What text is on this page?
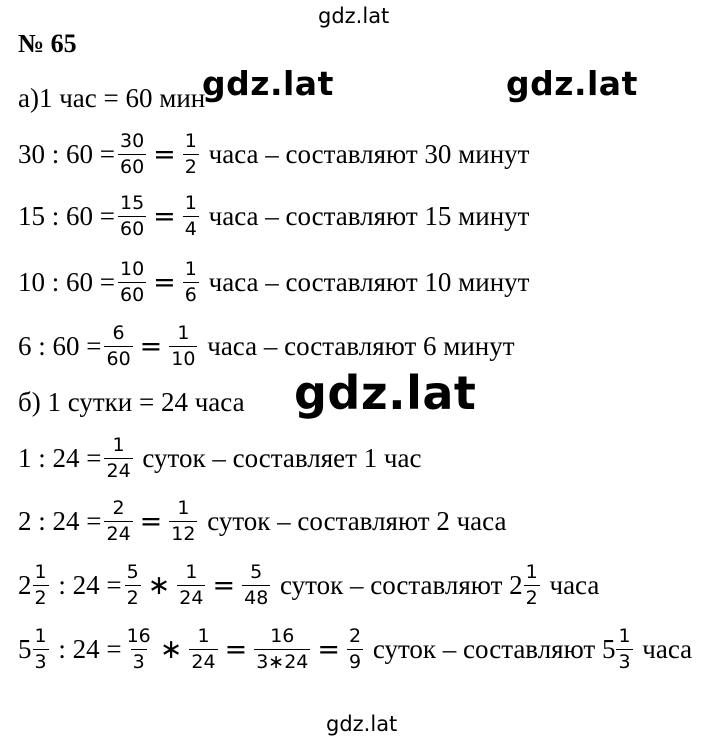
gdz.lat
gdz.lat	gdz.lat
gdz.lat
gdz.lat
№ 65
а)1 час = 60 мин
30 : $60 = \frac{30}{60} = \frac{1}{2}$ часа – составляют 30 минут
15 : $60 = \frac{15}{60} = \frac{1}{4}$ часа – составляют 15 минут
10 : $60 = \frac{10}{60} = \frac{1}{6}$ часа – составляют 10 минут
6 : $60 = \frac{6}{60} = \frac{1}{10}$ часа – составляют 6 минут
б) 1 сутки = 24 часа
1 : $24 = \frac{1}{24}$ суток – составляет 1 час
2 : $24 = \frac{2}{24} = \frac{1}{12}$ суток – составляют 2 часа
$2 \frac{1}{2}$ : $24 = \frac{5}{2}$ ∗ $\frac{1}{24} = \frac{5}{48}$ суток – составляют $2 \frac{1}{2}$ часа
$5 \frac{1}{3}$ : $24 = \frac{16}{3}$ ∗ $\frac{1}{24} = \frac{16}{3∗24} = \frac{2}{9}$ суток – составляют $5 \frac{1}{3}$ часа
